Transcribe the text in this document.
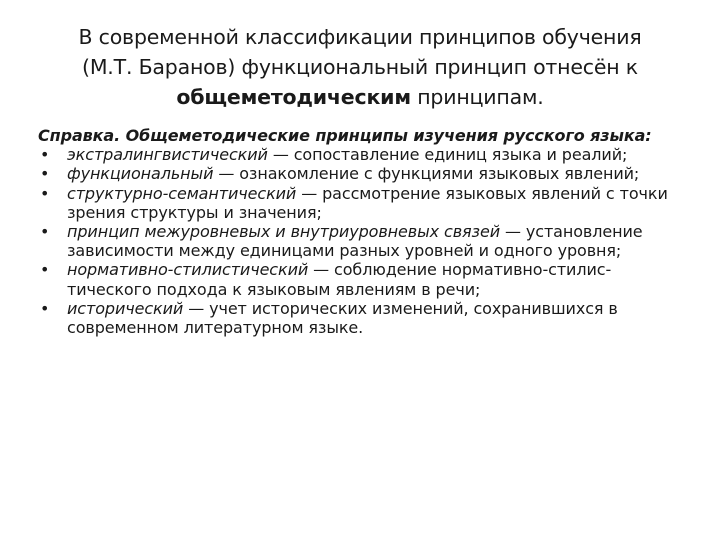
В современной классификации принципов обучения
(М.Т. Баранов) функциональный принцип отнесён к
общеметодическим принципам.

Справка. Общеметодические принципы изучения русского языка:

• экстралингвистический — сопоставление единиц языка и реалий;
• функциональный — ознакомление с функциями языковых явлений;
• структурно-семантический — рассмотрение языковых явлений с точки зрения структуры и значения;
• принцип межуровневых и внутриуровневых связей — установление зависимости между единицами разных уровней и одного уровня;
• нормативно-стилистический — соблюдение нормативно-стилис-тического подхода к языковым явлениям в речи;
• исторический — учет исторических изменений, сохранившихся в современном литературном языке.
